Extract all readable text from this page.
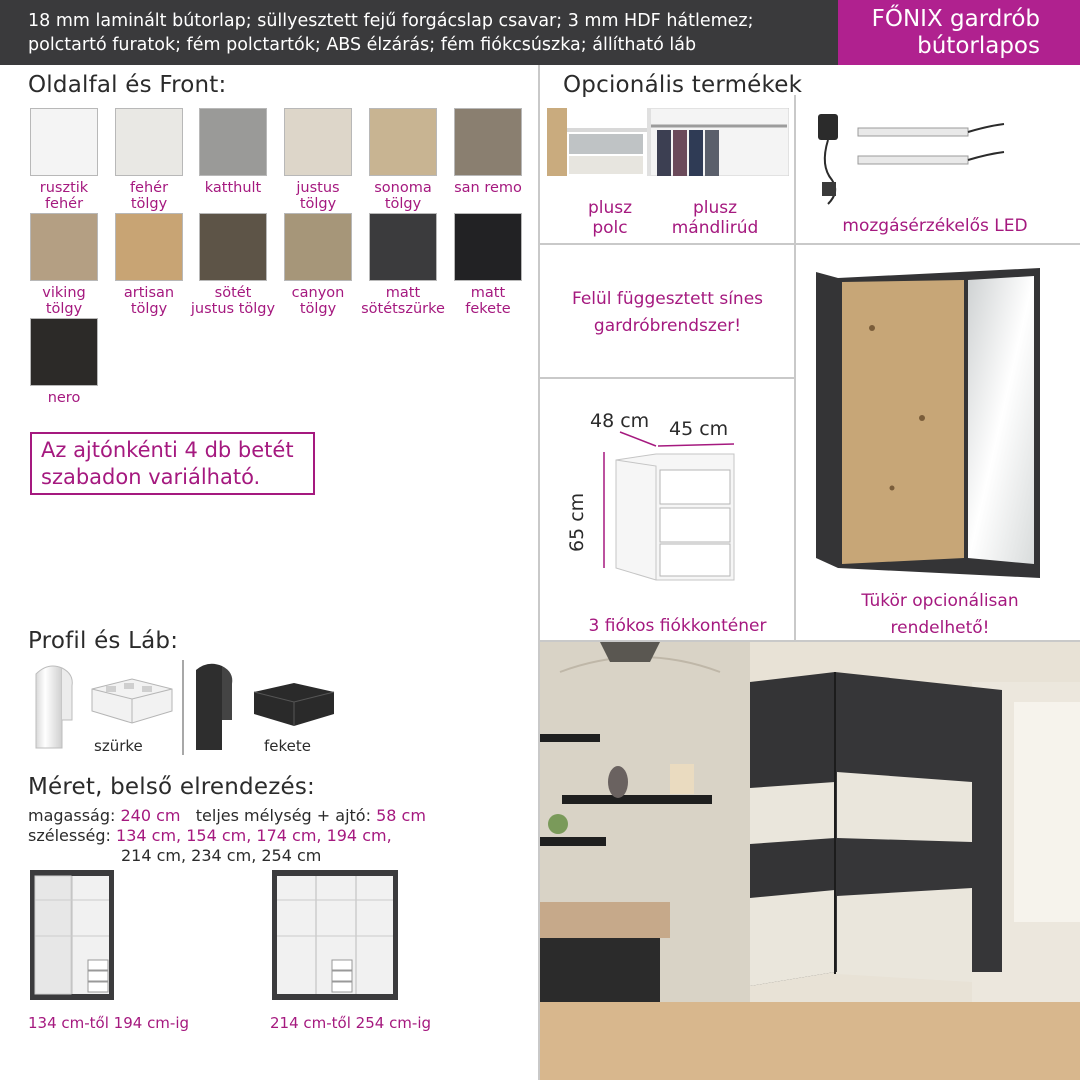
18 mm laminált bútorlap; süllyesztett fejű forgácslap csavar; 3 mm HDF hátlemez;
polctartó furatok; fém polctartók; ABS élzárás; fém fiókcsúszka; állítható láb
FŐNIX gardrób
bútorlapos
Oldalfal és Front:
rusztik
fehér
fehér
tölgy
katthult	justus
tölgy
sonoma
tölgy
san remo
viking
tölgy
artisan
tölgy
sötét
justus tölgy
canyon
tölgy
matt
sötétszürke
matt
fekete
nero
Az ajtónkénti 4 db betét
szabadon variálható.
Profil és Láb:
szürke	fekete
Méret, belső elrendezés:
magasság: 240 cm teljes mélység + ajtó: 58 cm
szélesség: 134 cm, 154 cm, 174 cm, 194 cm,
214 cm, 234 cm, 254 cm
134 cm-től 194 cm-ig	214 cm-től 254 cm-ig
Opcionális termékek
plusz
polc
plusz
mándlirúd	mozgásérzékelős LED
Felül függesztett sínes
gardróbrendszer!
48 cm 45 cm
65 cm
3 fiókos fiókkonténer
Tükör opcionálisan
rendelhető!
